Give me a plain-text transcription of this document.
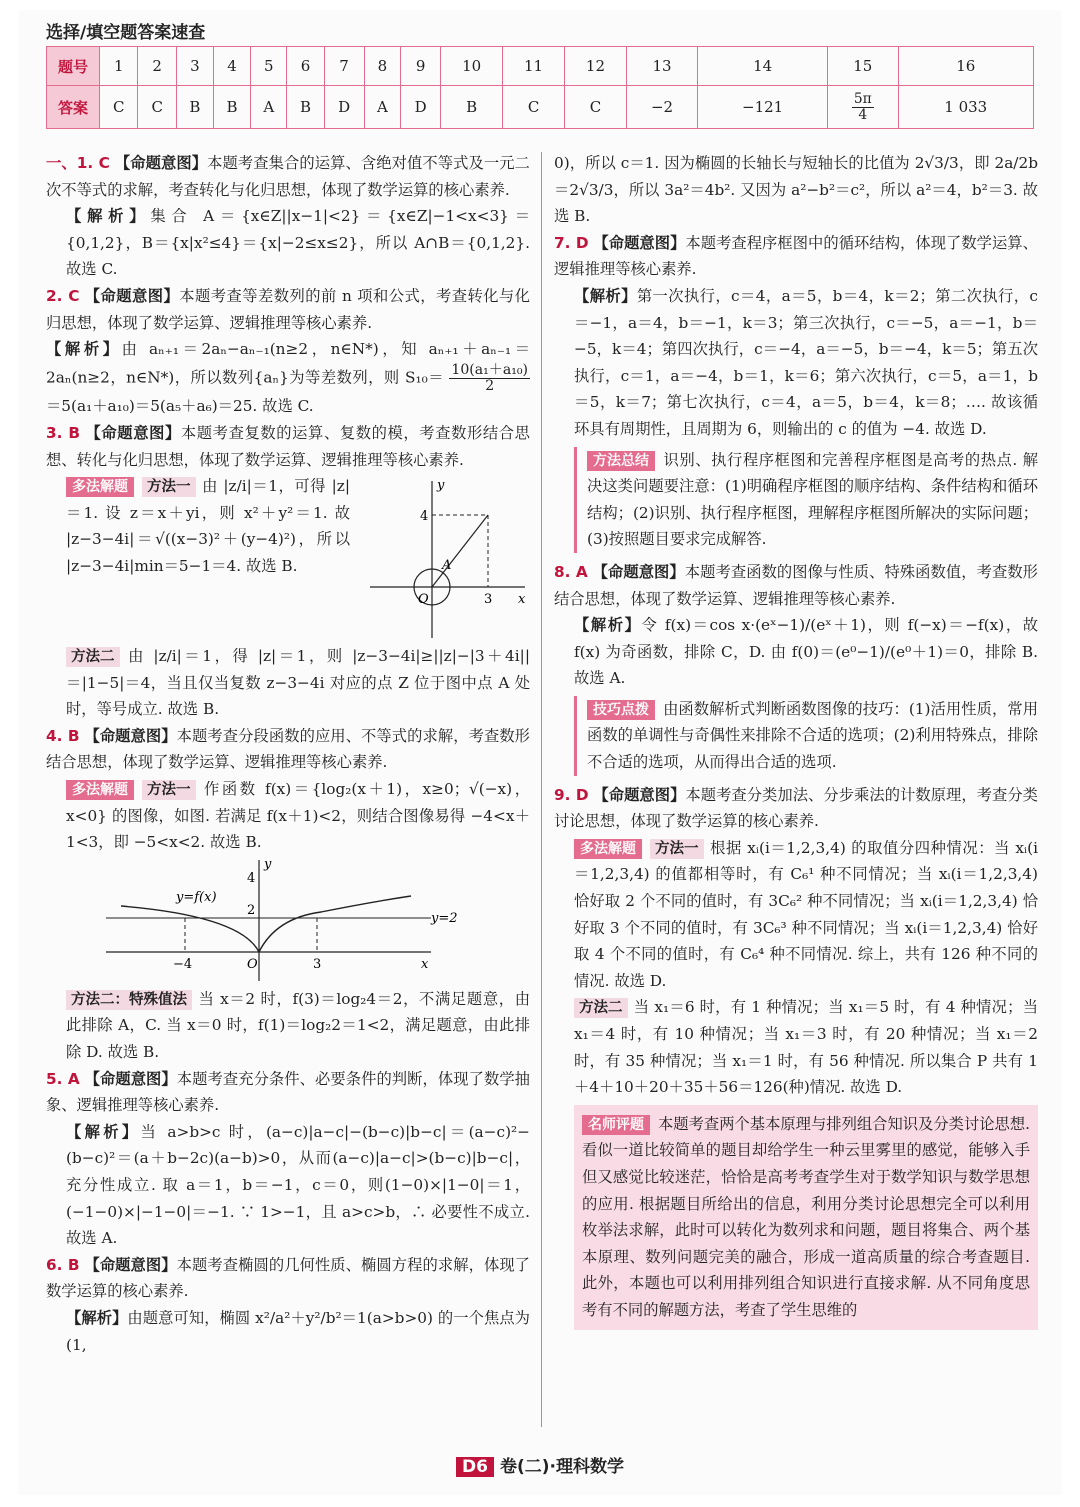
选择/填空题答案速查
题号	1	2	3	4	5	6	7	8	9	10	11	12	13	14	15	16
答案	C	C	B	B	A	B	D	A	D	B	C	C	−2	−121	$\frac{5\pi}{4}$	1 033

一、1. C 【命题意图】本题考查集合的运算、含绝对值不等式及一元二次不等式的求解，考查转化与化归思想，体现了数学运算的核心素养.

【解析】集合 A＝{x∈Z||x−1|<2}＝{x∈Z|−1<x<3}＝{0,1,2}，B＝{x|x²≤4}＝{x|−2≤x≤2}，所以 A∩B＝{0,1,2}. 故选 C.

2. C 【命题意图】本题考查等差数列的前 n 项和公式，考查转化与化归思想，体现了数学运算、逻辑推理等核心素养.

【解析】由 aₙ₊₁＝2aₙ−aₙ₋₁(n≥2，n∈N*)，知 aₙ₊₁＋aₙ₋₁＝2aₙ(n≥2，n∈N*)，所以数列{aₙ}为等差数列，则 $S_{10}= \frac{\text{10(a₁＋a₁₀)}}{2}$
＝5(a₁＋a₁₀)＝5(a₅＋a₆)＝25. 故选 C.

3. B 【命题意图】本题考查复数的运算、复数的模，考查数形结合思想、转化与化归思想，体现了数学运算、逻辑推理等核心素养.

多法解题 方法一 由 |z/i|＝1，可得 |z|＝1. 设 z＝x＋yi，则 x²＋y²＝1. 故 |z−3−4i|＝√((x−3)²＋(y−4)²)，所以 |z−3−4i|min＝5−1＝4. 故选 B.

y
x
O
A
4
3

方法二 由 |z/i|＝1，得 |z|＝1，则 |z−3−4i|≥||z|−|3＋4i||＝|1−5|＝4，当且仅当复数 z−3−4i 对应的点 Z 位于图中点 A 处时，等号成立. 故选 B.

4. B 【命题意图】本题考查分段函数的应用、不等式的求解，考查数形结合思想，体现了数学运算、逻辑推理等核心素养.

多法解题 方法一 作函数 f(x)＝{log₂(x＋1)，x≥0；√(−x)，x<0} 的图像，如图. 若满足 f(x＋1)<2，则结合图像易得 −4<x＋1<3，即 −5<x<2. 故选 B.

y
x
O
y=f(x)
y=2
−4	3
2
4

方法二：特殊值法 当 x＝2 时，f(3)＝log₂4＝2，不满足题意，由此排除 A，C. 当 x＝0 时，f(1)＝log₂2＝1<2，满足题意，由此排除 D. 故选 B.

5. A 【命题意图】本题考查充分条件、必要条件的判断，体现了数学抽象、逻辑推理等核心素养.

【解析】当 a>b>c 时，(a−c)|a−c|−(b−c)|b−c|＝(a−c)²−(b−c)²＝(a＋b−2c)(a−b)>0，从而(a−c)|a−c|>(b−c)|b−c|，充分性成立. 取 a＝1，b＝−1，c＝0，则(1−0)×|1−0|＝1，(−1−0)×|−1−0|＝−1. ∵ 1>−1，且 a>c>b，∴ 必要性不成立. 故选 A.

6. B 【命题意图】本题考查椭圆的几何性质、椭圆方程的求解，体现了数学运算的核心素养.

【解析】由题意可知，椭圆 x²/a²＋y²/b²＝1(a>b>0) 的一个焦点为(1,

0)，所以 c＝1. 因为椭圆的长轴长与短轴长的比值为 2√3/3，即 2a/2b＝2√3/3，所以 3a²＝4b². 又因为 a²−b²＝c²，所以 a²＝4，b²＝3. 故选 B.

7. D 【命题意图】本题考查程序框图中的循环结构，体现了数学运算、逻辑推理等核心素养.

【解析】第一次执行，c＝4，a＝5，b＝4，k＝2；第二次执行，c＝−1，a＝4，b＝−1，k＝3；第三次执行，c＝−5，a＝−1，b＝−5，k＝4；第四次执行，c＝−4，a＝−5，b＝−4，k＝5；第五次执行，c＝1，a＝−4，b＝1，k＝6；第六次执行，c＝5，a＝1，b＝5，k＝7；第七次执行，c＝4，a＝5，b＝4，k＝8；…. 故该循环具有周期性，且周期为 6，则输出的 c 的值为 −4. 故选 D.

方法总结 识别、执行程序框图和完善程序框图是高考的热点. 解决这类问题要注意：(1)明确程序框图的顺序结构、条件结构和循环结构；(2)识别、执行程序框图，理解程序框图所解决的实际问题；(3)按照题目要求完成解答.

8. A 【命题意图】本题考查函数的图像与性质、特殊函数值，考查数形结合思想，体现了数学运算、逻辑推理等核心素养.

【解析】令 f(x)＝cos x·(eˣ−1)/(eˣ＋1)，则 f(−x)＝−f(x)，故 f(x) 为奇函数，排除 C，D. 由 f(0)＝(e⁰−1)/(e⁰＋1)＝0，排除 B. 故选 A.

技巧点拨 由函数解析式判断函数图像的技巧：(1)活用性质，常用函数的单调性与奇偶性来排除不合适的选项；(2)利用特殊点，排除不合适的选项，从而得出合适的选项.

9. D 【命题意图】本题考查分类加法、分步乘法的计数原理，考查分类讨论思想，体现了数学运算的核心素养.

多法解题 方法一 根据 xᵢ(i＝1,2,3,4) 的取值分四种情况：当 xᵢ(i＝1,2,3,4) 的值都相等时，有 C₆¹ 种不同情况；当 xᵢ(i＝1,2,3,4) 恰好取 2 个不同的值时，有 3C₆² 种不同情况；当 xᵢ(i＝1,2,3,4) 恰好取 3 个不同的值时，有 3C₆³ 种不同情况；当 xᵢ(i＝1,2,3,4) 恰好取 4 个不同的值时，有 C₆⁴ 种不同情况. 综上，共有 126 种不同的情况. 故选 D.

方法二 当 x₁＝6 时，有 1 种情况；当 x₁＝5 时，有 4 种情况；当 x₁＝4 时，有 10 种情况；当 x₁＝3 时，有 20 种情况；当 x₁＝2 时，有 35 种情况；当 x₁＝1 时，有 56 种情况. 所以集合 P 共有 1＋4＋10＋20＋35＋56＝126(种)情况. 故选 D.

名师评题 本题考查两个基本原理与排列组合知识及分类讨论思想. 看似一道比较简单的题目却给学生一种云里雾里的感觉，能够入手但又感觉比较迷茫，恰恰是高考考查学生对于数学知识与数学思想的应用. 根据题目所给出的信息，利用分类讨论思想完全可以利用枚举法求解，此时可以转化为数列求和问题，题目将集合、两个基本原理、数列问题完美的融合，形成一道高质量的综合考查题目. 此外，本题也可以利用排列组合知识进行直接求解. 从不同角度思考有不同的解题方法，考查了学生思维的
D6 卷(二)·理科数学
